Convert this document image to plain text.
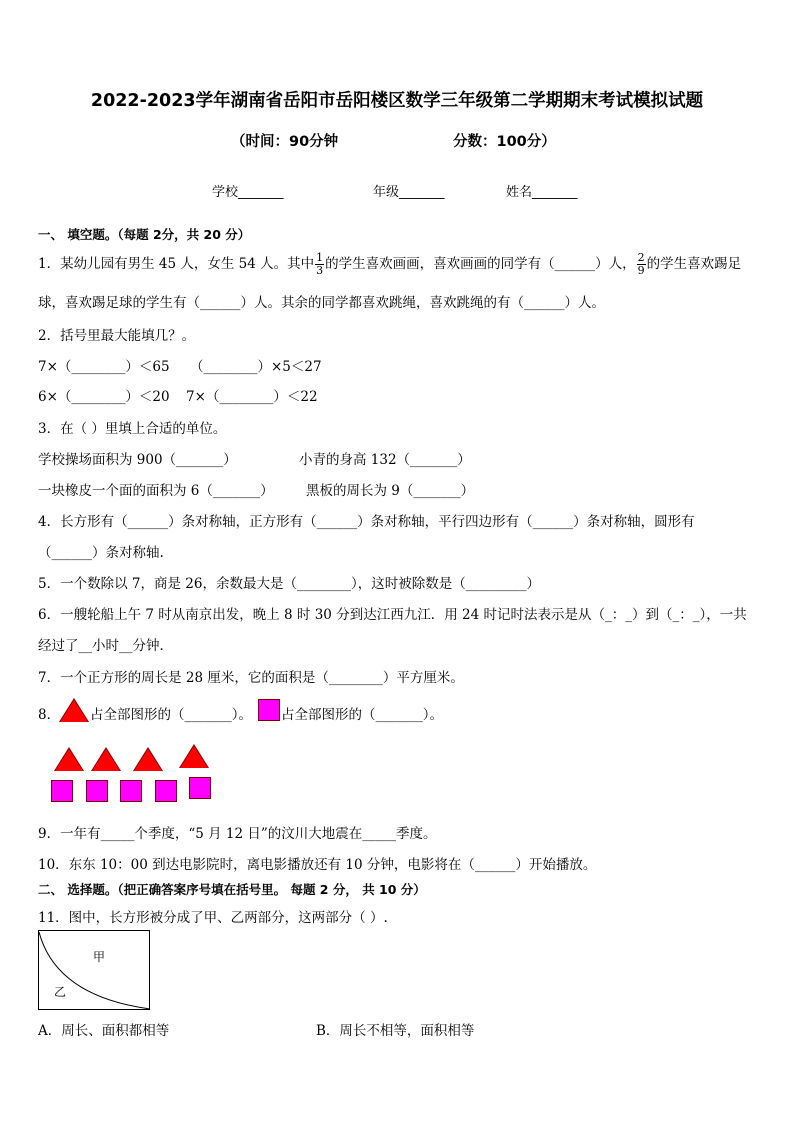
2022-2023学年湖南省岳阳市岳阳楼区数学三年级第二学期期末考试模拟试题
（时间：90分钟	分数：100分）
学校_______	年级_______	姓名_______
一、 填空题。（每题 2分，共 20 分）
1．某幼儿园有男生 45 人，女生 54 人。其中 $\frac{1}{3}$ 的学生喜欢画画，喜欢画画的同学有（______）人， $\frac{2}{9}$ 的学生喜欢踢足
球，喜欢踢足球的学生有（______）人。其余的同学都喜欢跳绳，喜欢跳绳的有（______）人。
2．括号里最大能填几？。
7×（________）＜65 （________）×5＜27
6×（________）＜20 7×（________）＜22
3．在（ ）里填上合适的单位。
学校操场面积为 900（_______）	小青的身高 132（_______）
一块橡皮一个面的面积为 6（_______） 黑板的周长为 9（_______）
4．长方形有（______）条对称轴，正方形有（______）条对称轴，平行四边形有（______）条对称轴，圆形有
（______）条对称轴.
5．一个数除以 7，商是 26，余数最大是（________），这时被除数是（_________）
6．一艘轮船上午 7 时从南京出发，晚上 8 时 30 分到达江西九江．用 24 时记时法表示是从（_：_）到（_：_），一共
经过了__小时__分钟．
7．一个正方形的周长是 28 厘米，它的面积是（________）平方厘米。
8． 占全部图形的（_______）。 占全部图形的（_______）。
9．一年有_____个季度，“5 月 12 日”的汶川大地震在_____季度。
10．东东 10：00 到达电影院时，离电影播放还有 10 分钟，电影将在（______）开始播放。
二、 选择题。（把正确答案序号填在括号里。 每题 2 分， 共 10 分）
11．图中，长方形被分成了甲、乙两部分，这两部分（ ）.
甲
乙
A．周长、面积都相等	B．周长不相等，面积相等
